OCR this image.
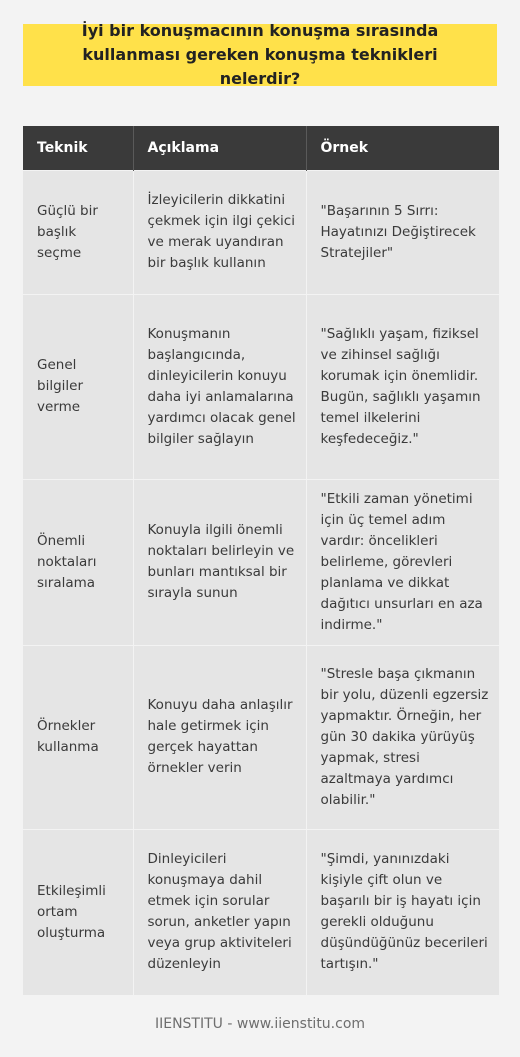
İyi bir konuşmacının konuşma sırasında kullanması gereken konuşma teknikleri nelerdir?
Teknik	Açıklama	Örnek
Güçlü bir başlık seçme	İzleyicilerin dikkatini çekmek için ilgi çekici ve merak uyandıran bir başlık kullanın	"Başarının 5 Sırrı: Hayatınızı Değiştirecek Stratejiler"
Genel bilgiler verme	Konuşmanın başlangıcında, dinleyicilerin konuyu daha iyi anlamalarına yardımcı olacak genel bilgiler sağlayın	"Sağlıklı yaşam, fiziksel ve zihinsel sağlığı korumak için önemlidir. Bugün, sağlıklı yaşamın temel ilkelerini keşfedeceğiz."
Önemli noktaları sıralama	Konuyla ilgili önemli noktaları belirleyin ve bunları mantıksal bir sırayla sunun	"Etkili zaman yönetimi için üç temel adım vardır: öncelikleri belirleme, görevleri planlama ve dikkat dağıtıcı unsurları en aza indirme."
Örnekler kullanma	Konuyu daha anlaşılır hale getirmek için gerçek hayattan örnekler verin	"Stresle başa çıkmanın bir yolu, düzenli egzersiz yapmaktır. Örneğin, her gün 30 dakika yürüyüş yapmak, stresi azaltmaya yardımcı olabilir."
Etkileşimli ortam oluşturma	Dinleyicileri konuşmaya dahil etmek için sorular sorun, anketler yapın veya grup aktiviteleri düzenleyin	"Şimdi, yanınızdaki kişiyle çift olun ve başarılı bir iş hayatı için gerekli olduğunu düşündüğünüz becerileri tartışın."
IIENSTITU - www.iienstitu.com
